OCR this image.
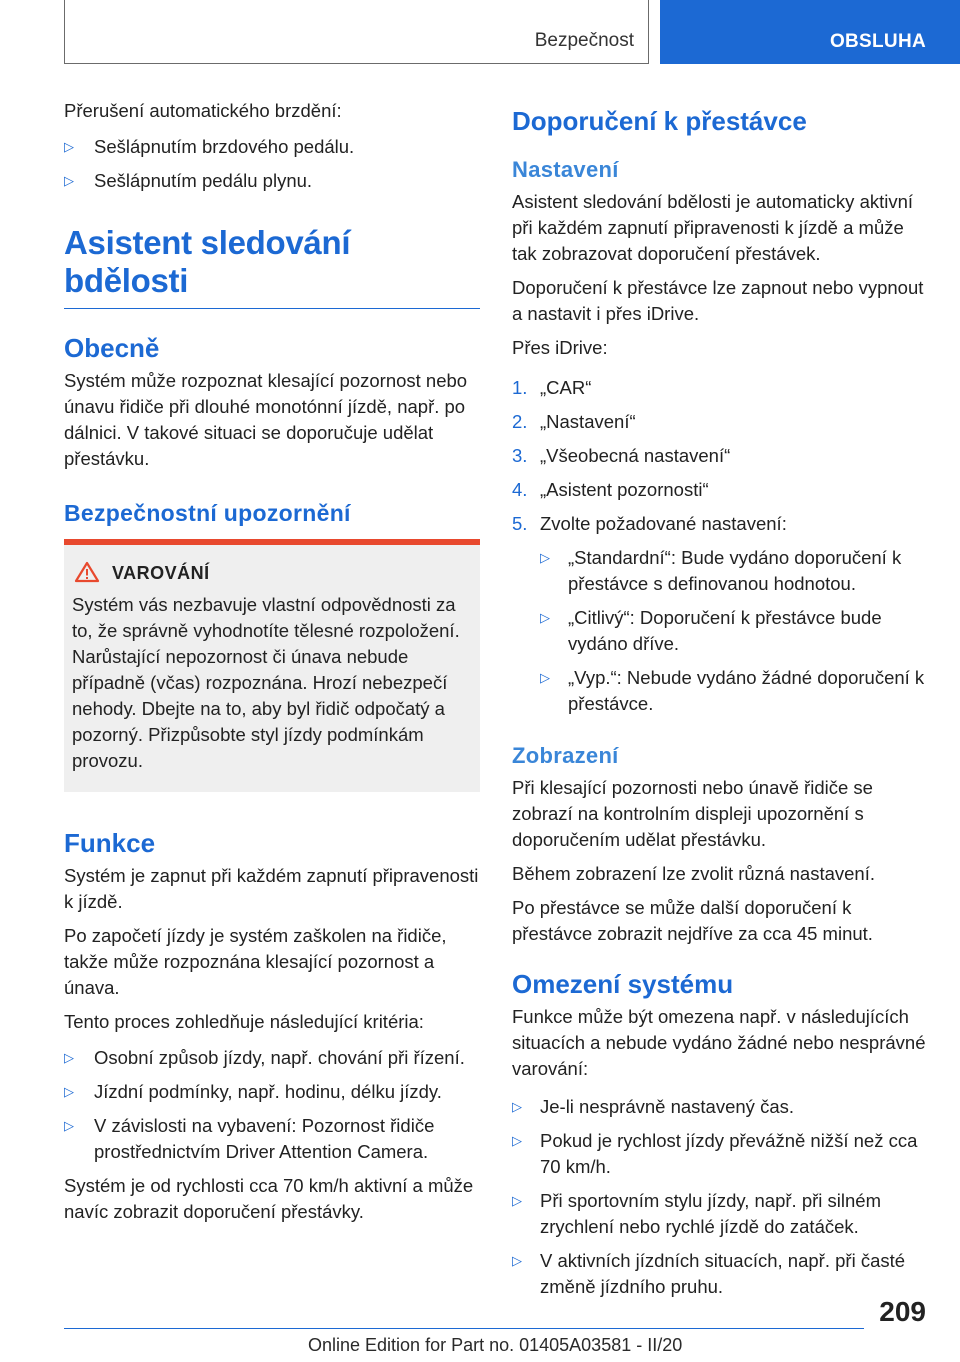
Bezpečnost	OBSLUHA

Přerušení automatického brzdění:

▷ Sešlápnutím brzdového pedálu.
▷ Sešlápnutím pedálu plynu.
Asistent sledování bdělosti
Obecně

Systém může rozpoznat klesající pozornost nebo únavu řidiče při dlouhé monotónní jízdě, např. po dálnici. V takové situaci se doporučuje udělat přestávku.

Bezpečnostní upozornění
VAROVÁNÍ

Systém vás nezbavuje vlastní odpovědnosti za to, že správně vyhodnotíte tělesné rozpoložení. Narůstající nepozornost či únava nebude případně (včas) rozpoznána. Hrozí nebezpečí nehody. Dbejte na to, aby byl řidič odpočatý a pozorný. Přizpůsobte styl jízdy podmínkám provozu.

Funkce

Systém je zapnut při každém zapnutí připravenosti k jízdě.

Po započetí jízdy je systém zaškolen na řidiče, takže může rozpoznána klesající pozornost a únava.

Tento proces zohledňuje následující kritéria:

▷ Osobní způsob jízdy, např. chování při řízení.
▷ Jízdní podmínky, např. hodinu, délku jízdy.
▷ V závislosti na vybavení: Pozornost řidiče prostřednictvím Driver Attention Camera.

Systém je od rychlosti cca 70 km/h aktivní a může navíc zobrazit doporučení přestávky.

Doporučení k přestávce
Nastavení

Asistent sledování bdělosti je automaticky aktivní při každém zapnutí připravenosti k jízdě a může tak zobrazovat doporučení přestávek.

Doporučení k přestávce lze zapnout nebo vypnout a nastavit i přes iDrive.

Přes iDrive:

1. „CAR“
2. „Nastavení“
3. „Všeobecná nastavení“
4. „Asistent pozornosti“
5. Zvolte požadované nastavení:
▷ „Standardní“: Bude vydáno doporučení k přestávce s definovanou hodnotou.
▷ „Citlivý“: Doporučení k přestávce bude vydáno dříve.
▷ „Vyp.“: Nebude vydáno žádné doporučení k přestávce.
Zobrazení

Při klesající pozornosti nebo únavě řidiče se zobrazí na kontrolním displeji upozornění s doporučením udělat přestávku.

Během zobrazení lze zvolit různá nastavení.

Po přestávce se může další doporučení k přestávce zobrazit nejdříve za cca 45 minut.

Omezení systému

Funkce může být omezena např. v následujících situacích a nebude vydáno žádné nebo nesprávné varování:

▷ Je-li nesprávně nastavený čas.
▷ Pokud je rychlost jízdy převážně nižší než cca 70 km/h.
▷ Při sportovním stylu jízdy, např. při silném zrychlení nebo rychlé jízdě do zatáček.
▷ V aktivních jízdních situacích, např. při časté změně jízdního pruhu.
209
Online Edition for Part no. 01405A03581 - II/20
